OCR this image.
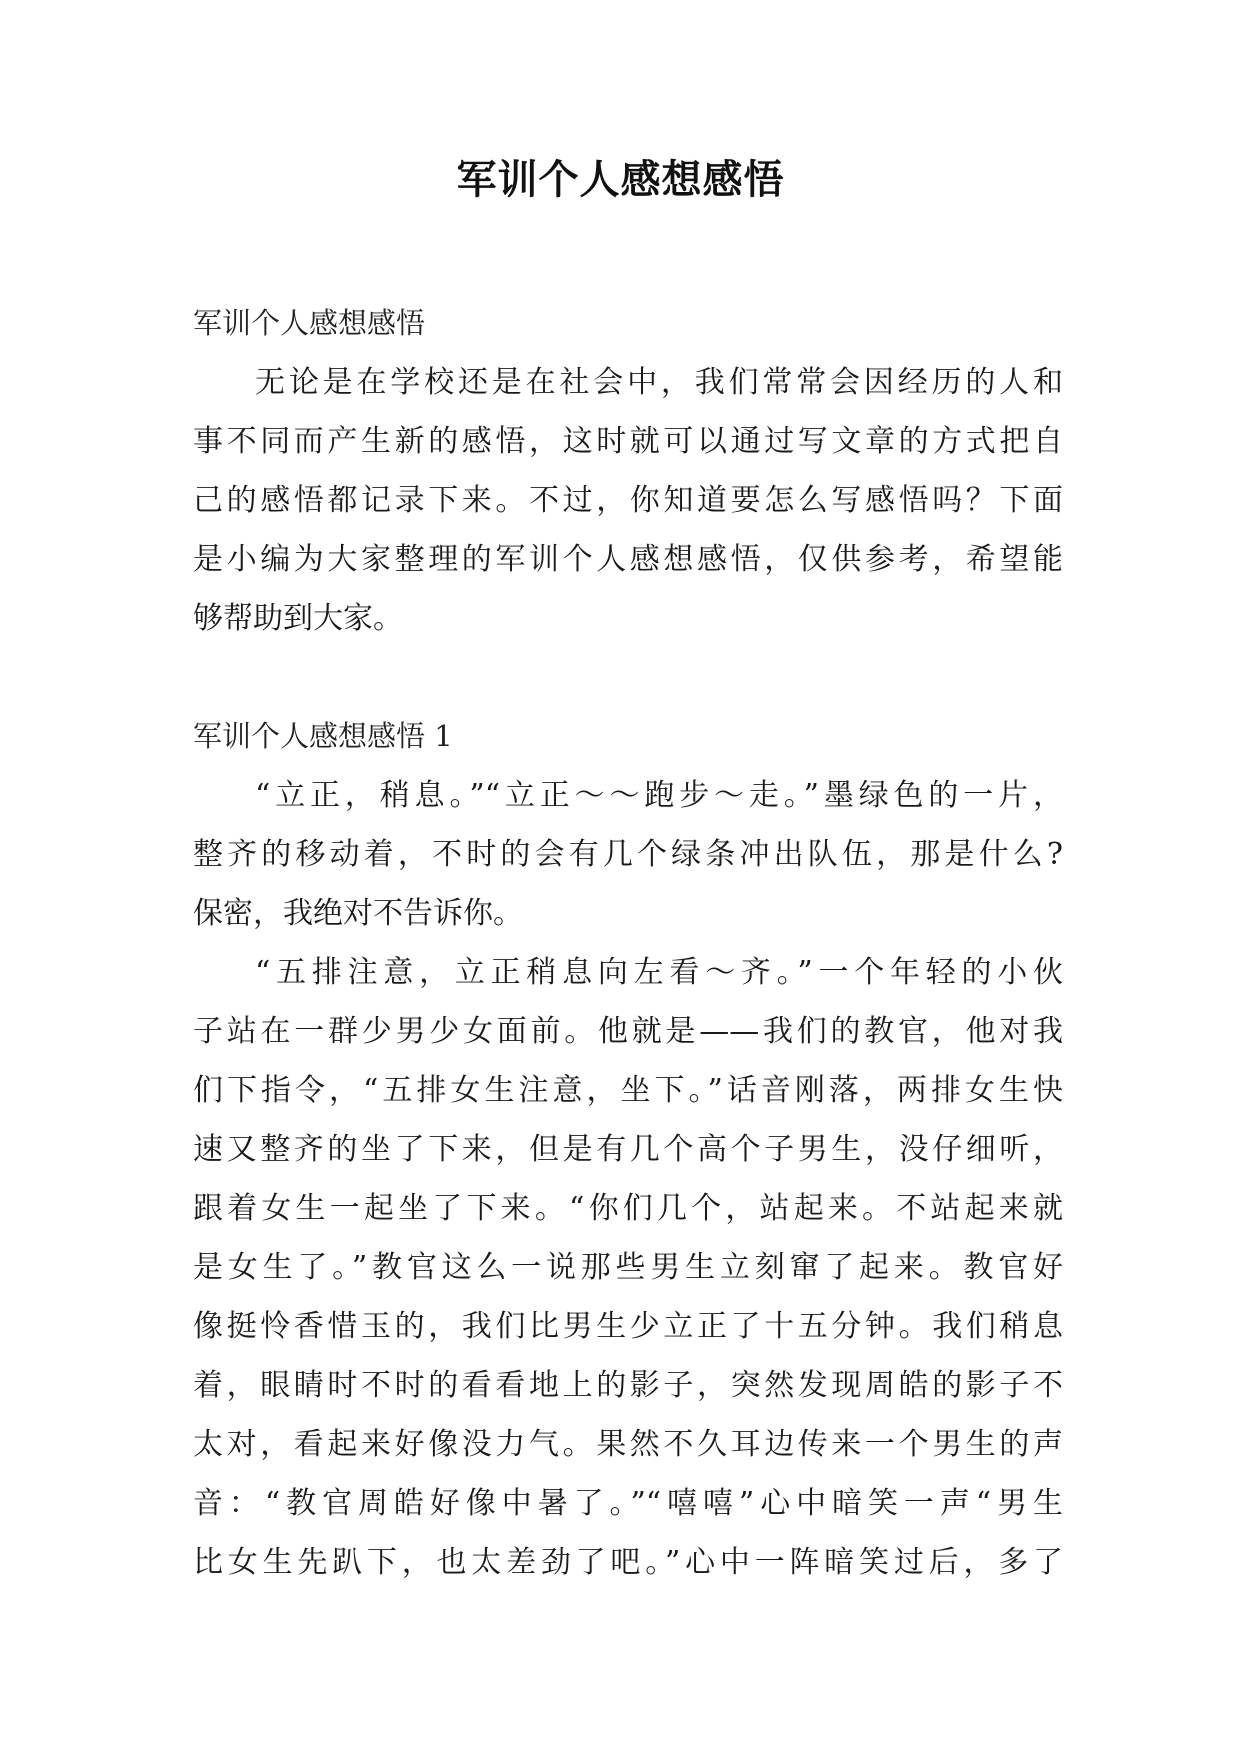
军训个人感想感悟
军训个人感想感悟
无论是在学校还是在社会中，我们常常会因经历的人和
事不同而产生新的感悟，这时就可以通过写文章的方式把自
己的感悟都记录下来。不过，你知道要怎么写感悟吗？下面
是小编为大家整理的军训个人感想感悟，仅供参考，希望能
够帮助到大家。
军训个人感想感悟 1
“立正，稍息。”“立正～～跑步～走。”墨绿色的一片，
整齐的移动着，不时的会有几个绿条冲出队伍，那是什么?
保密，我绝对不告诉你。
“五排注意，立正稍息向左看～齐。”一个年轻的小伙
子站在一群少男少女面前。他就是——我们的教官，他对我
们下指令，“五排女生注意，坐下。”话音刚落，两排女生快
速又整齐的坐了下来，但是有几个高个子男生，没仔细听，
跟着女生一起坐了下来。“你们几个，站起来。不站起来就
是女生了。”教官这么一说那些男生立刻窜了起来。教官好
像挺怜香惜玉的，我们比男生少立正了十五分钟。我们稍息
着，眼睛时不时的看看地上的影子，突然发现周皓的影子不
太对，看起来好像没力气。果然不久耳边传来一个男生的声
音：“教官周皓好像中暑了。”“嘻嘻”心中暗笑一声“男生
比女生先趴下，也太差劲了吧。”心中一阵暗笑过后，多了
